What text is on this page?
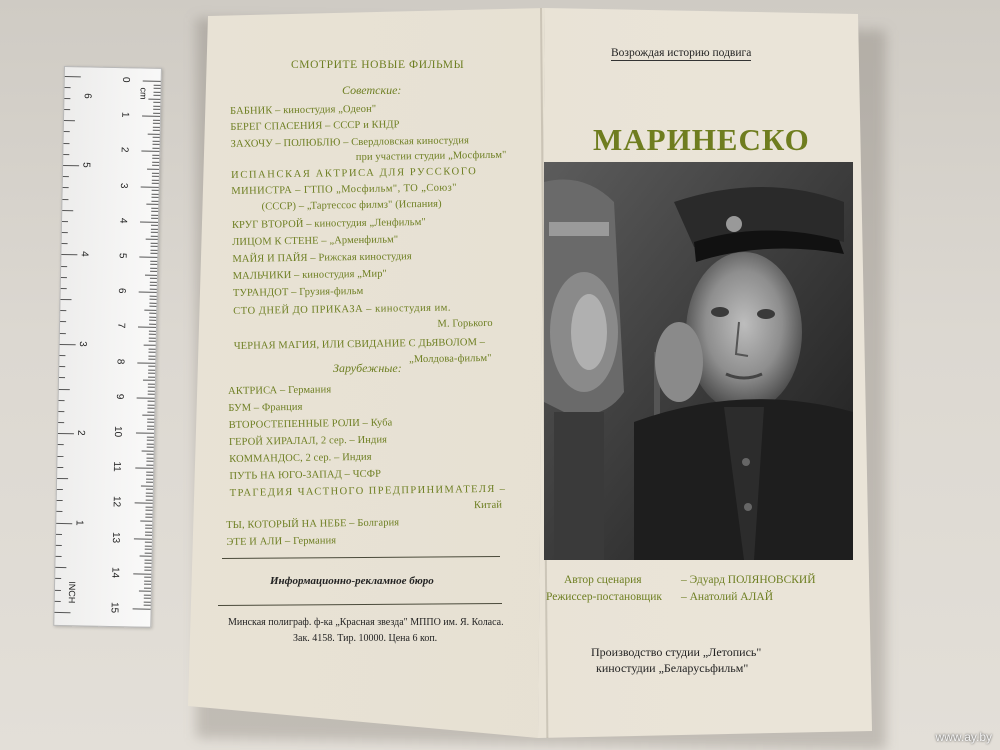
СМОТРИТЕ НОВЫЕ ФИЛЬМЫ
Советские:
БАБНИК – киностудия „Одеон"
БЕРЕГ СПАСЕНИЯ – СССР и КНДР
ЗАХОЧУ – ПОЛЮБЛЮ – Свердловская киностудия
при участии студии „Мосфильм"
ИСПАНСКАЯ АКТРИСА ДЛЯ РУССКОГО
МИНИСТРА – ГТПО „Мосфильм", ТО „Союз"
(СССР) – „Тартессос филмз" (Испания)
КРУГ ВТОРОЙ – киностудия „Ленфильм"
ЛИЦОМ К СТЕНЕ – „Арменфильм"
МАЙЯ И ПАЙЯ – Рижская киностудия
МАЛЬЧИКИ – киностудия „Мир"
ТУРАНДОТ – Грузия-фильм
СТО ДНЕЙ ДО ПРИКАЗА – киностудия им.
М. Горького
ЧЕРНАЯ МАГИЯ, ИЛИ СВИДАНИЕ С ДЬЯВОЛОМ –
„Молдова-фильм"
Зарубежные:
АКТРИСА – Германия
БУМ – Франция
ВТОРОСТЕПЕННЫЕ РОЛИ – Куба
ГЕРОЙ ХИРАЛАЛ, 2 сер. – Индия
КОММАНДОС, 2 сер. – Индия
ПУТЬ НА ЮГО-ЗАПАД – ЧСФР
ТРАГЕДИЯ ЧАСТНОГО ПРЕДПРИНИМАТЕЛЯ –
Китай
ТЫ, КОТОРЫЙ НА НЕБЕ – Болгария
ЭТЕ И АЛИ – Германия
Информационно-рекламное бюро
Минская полиграф. ф-ка „Красная звезда" МППО им. Я. Коласа.
Зак. 4158. Тир. 10000. Цена 6 коп.
Возрождая историю подвига
МАРИНЕСКО
Автор сценария	– Эдуард ПОЛЯНОВСКИЙ
Режиссер-постановщик – Анатолий АЛАЙ
Производство студии „Летопись"
киностудии „Беларусьфильм"
cm
INCH
0
1
2
3
4
5
6
7
8
9
10
11
12
13
14
15
6
5
4
3
2
1
www.ay.by
